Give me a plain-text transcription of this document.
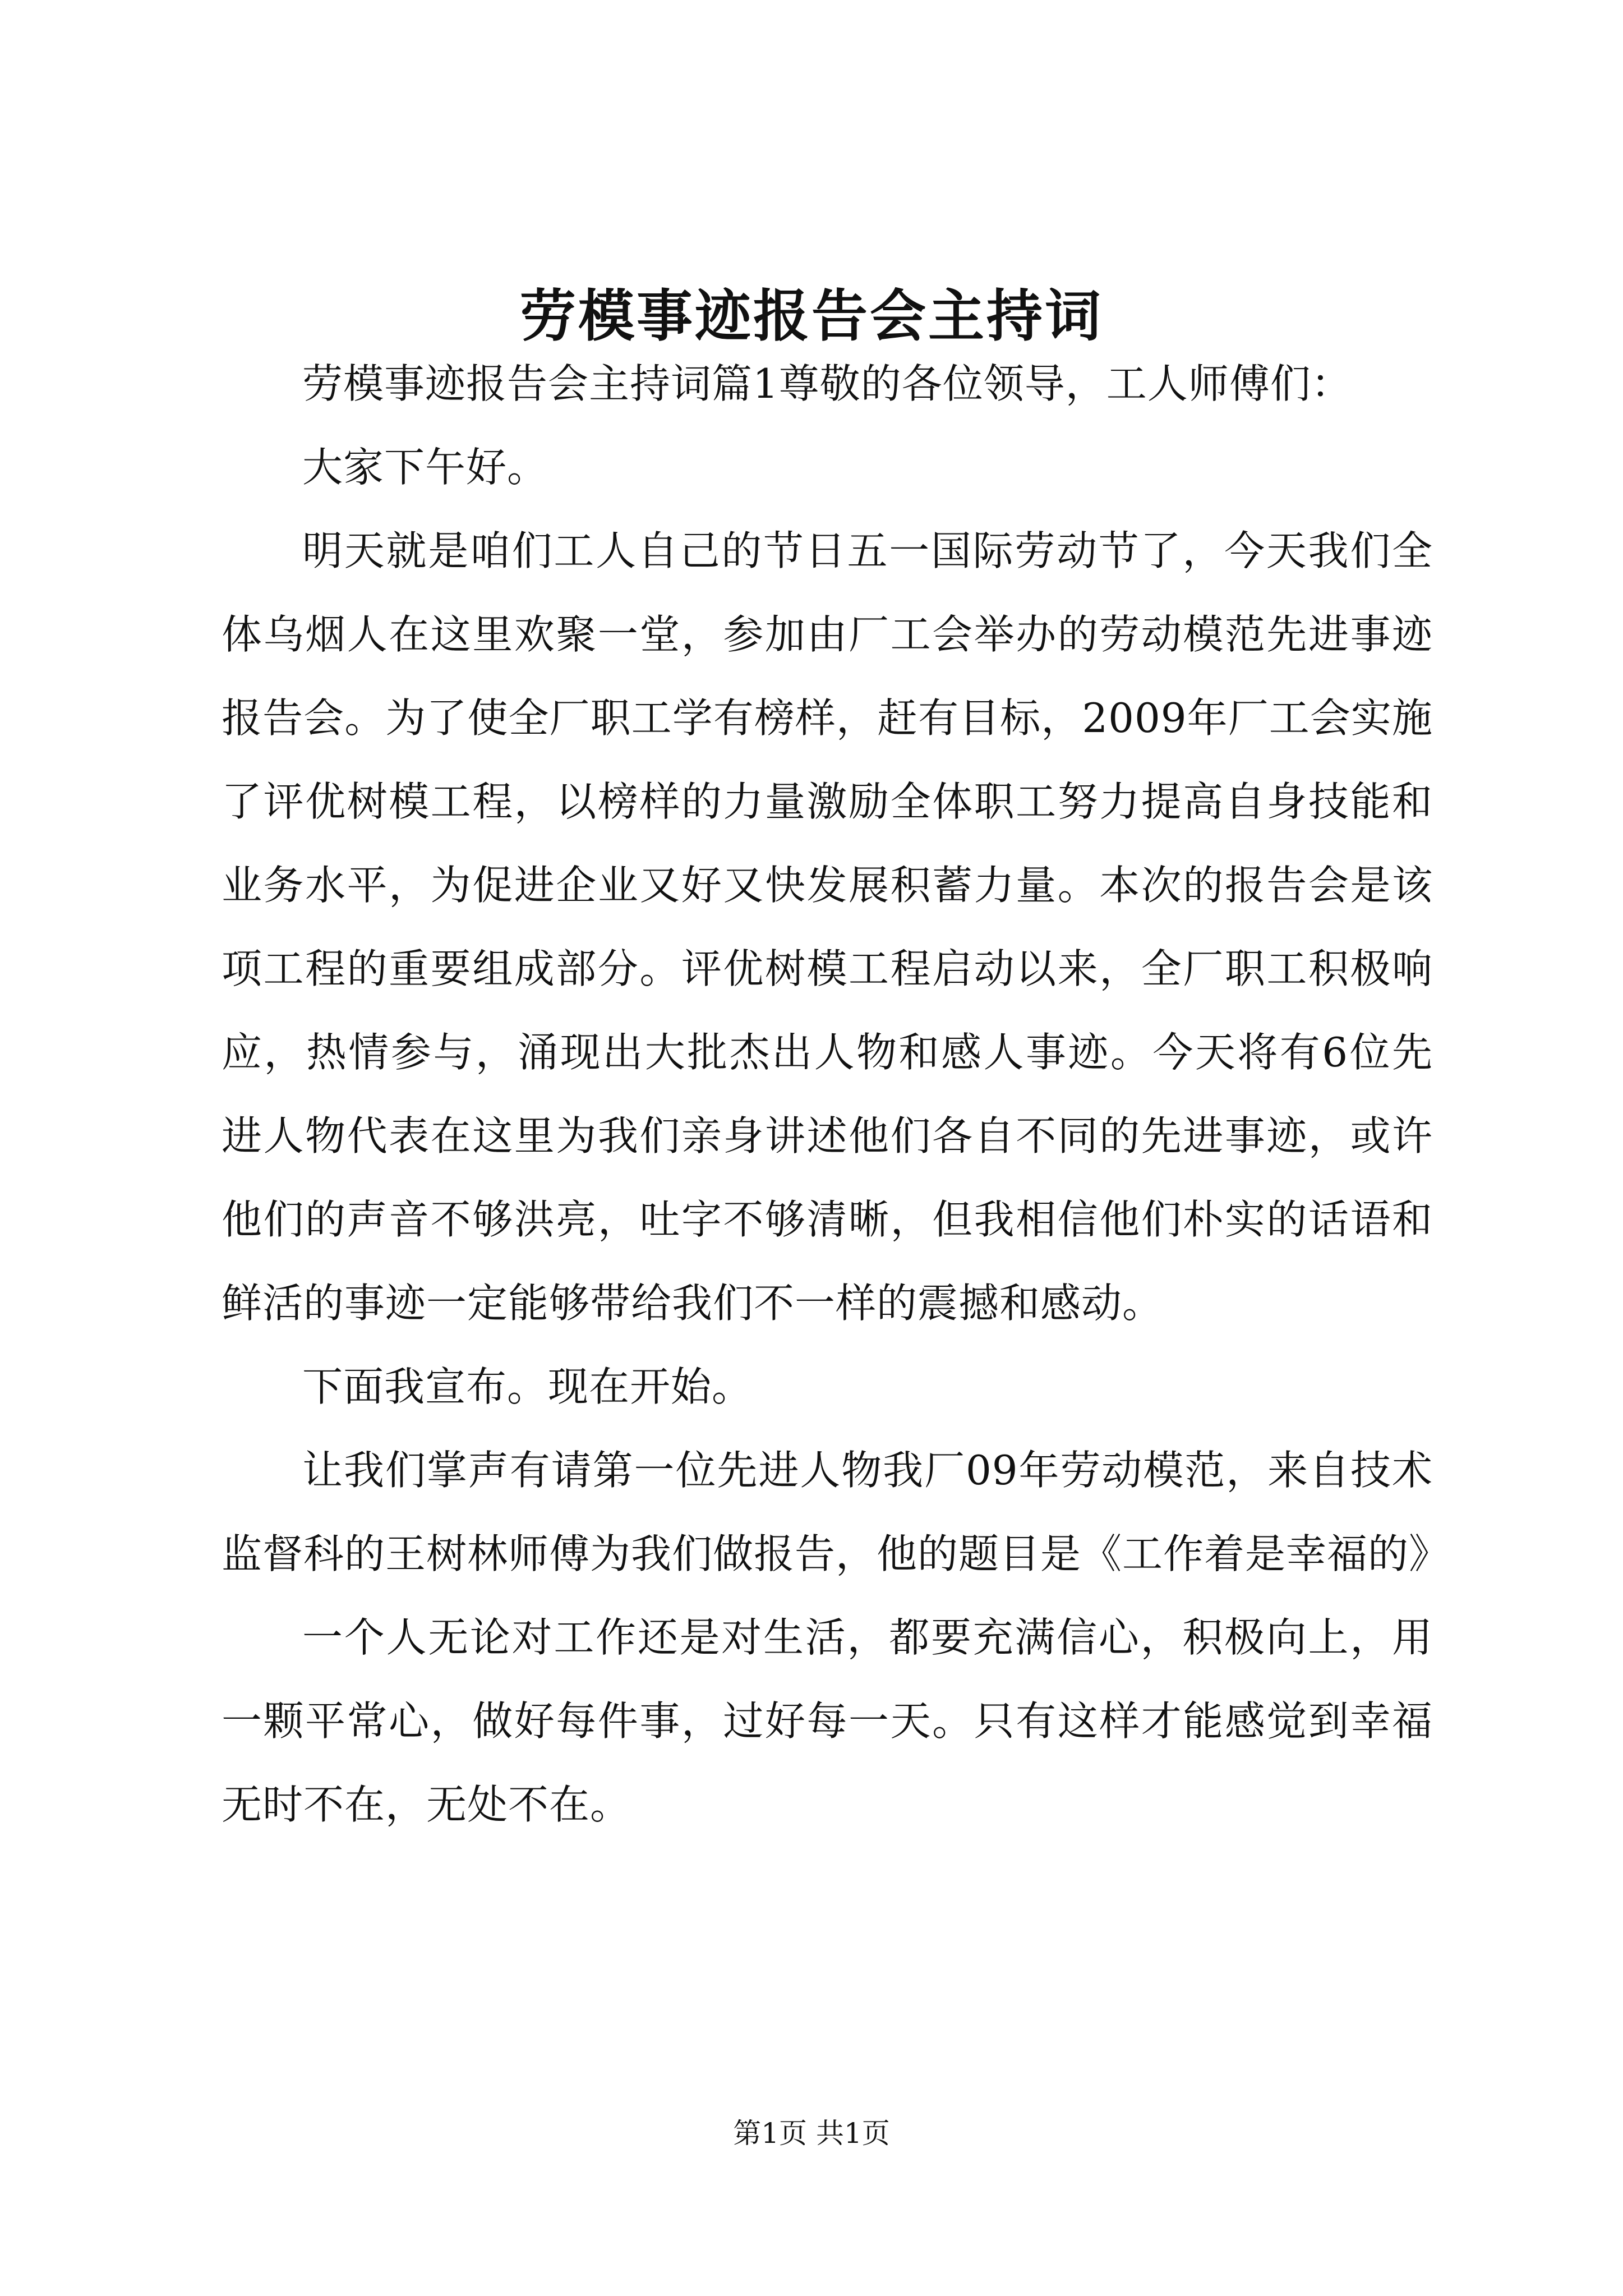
劳模事迹报告会主持词

劳模事迹报告会主持词篇1尊敬的各位领导，工人师傅们：

大家下午好。

明天就是咱们工人自己的节日五一国际劳动节了，今天我们全体乌烟人在这里欢聚一堂，参加由厂工会举办的劳动模范先进事迹报告会。为了使全厂职工学有榜样，赶有目标，2009年厂工会实施了评优树模工程，以榜样的力量激励全体职工努力提高自身技能和业务水平，为促进企业又好又快发展积蓄力量。本次的报告会是该项工程的重要组成部分。评优树模工程启动以来，全厂职工积极响应，热情参与，涌现出大批杰出人物和感人事迹。今天将有6位先进人物代表在这里为我们亲身讲述他们各自不同的先进事迹，或许他们的声音不够洪亮，吐字不够清晰，但我相信他们朴实的话语和鲜活的事迹一定能够带给我们不一样的震撼和感动。

下面我宣布。现在开始。

让我们掌声有请第一位先进人物我厂09年劳动模范，来自技术监督科的王树林师傅为我们做报告，他的题目是《工作着是幸福的》

一个人无论对工作还是对生活，都要充满信心，积极向上，用一颗平常心，做好每件事，过好每一天。只有这样才能感觉到幸福无时不在，无处不在。

第1页 共1页
